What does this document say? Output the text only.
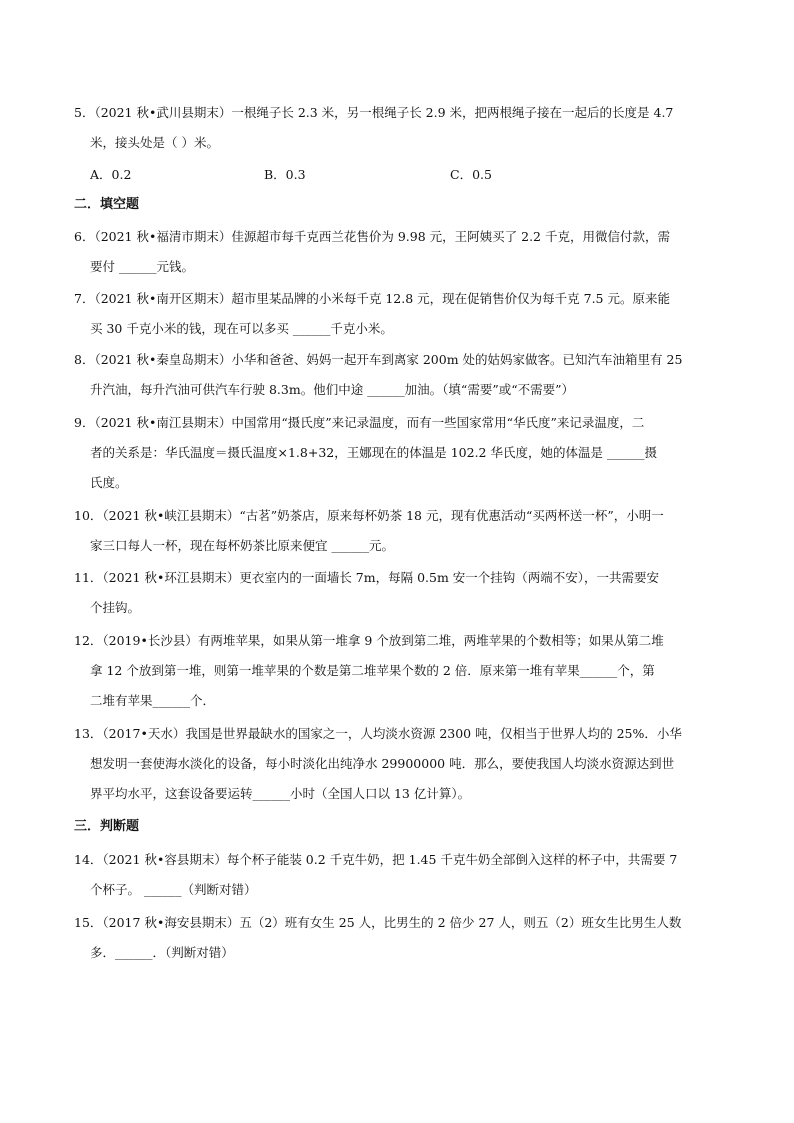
5．（2021 秋•武川县期末）一根绳子长 2.3 米，另一根绳子长 2.9 米，把两根绳子接在一起后的长度是 4.7
米，接头处是（ ）米。
A．0.2	B．0.3	C．0.5
二．填空题
6．（2021 秋•福清市期末）佳源超市每千克西兰花售价为 9.98 元，王阿姨买了 2.2 千克，用微信付款，需
要付 ______元钱。
7．（2021 秋•南开区期末）超市里某品牌的小米每千克 12.8 元，现在促销售价仅为每千克 7.5 元。原来能
买 30 千克小米的钱，现在可以多买 ______千克小米。
8．（2021 秋•秦皇岛期末）小华和爸爸、妈妈一起开车到离家 200m 处的姑妈家做客。已知汽车油箱里有 25
升汽油，每升汽油可供汽车行驶 8.3m。他们中途 ______加油。（填“需要”或“不需要”）
9．（2021 秋•南江县期末）中国常用“摄氏度”来记录温度，而有一些国家常用“华氏度”来记录温度，二
者的关系是：华氏温度＝摄氏温度×1.8+32，王娜现在的体温是 102.2 华氏度，她的体温是 ______摄
氏度。
10．（2021 秋•峡江县期末）“古茗”奶茶店，原来每杯奶茶 18 元，现有优惠活动“买两杯送一杯”，小明一
家三口每人一杯，现在每杯奶茶比原来便宜 ______元。
11．（2021 秋•环江县期末）更衣室内的一面墙长 7m，每隔 0.5m 安一个挂钩（两端不安），一共需要安
个挂钩。
12．（2019•长沙县）有两堆苹果，如果从第一堆拿 9 个放到第二堆，两堆苹果的个数相等；如果从第二堆
拿 12 个放到第一堆，则第一堆苹果的个数是第二堆苹果个数的 2 倍．原来第一堆有苹果______个，第
二堆有苹果______个．
13．（2017•天水）我国是世界最缺水的国家之一，人均淡水资源 2300 吨，仅相当于世界人均的 25%．小华
想发明一套使海水淡化的设备，每小时淡化出纯净水 29900000 吨．那么，要使我国人均淡水资源达到世
界平均水平，这套设备要运转______小时（全国人口以 13 亿计算）。
三．判断题
14．（2021 秋•容县期末）每个杯子能装 0.2 千克牛奶，把 1.45 千克牛奶全部倒入这样的杯子中，共需要 7
个杯子。 ______（判断对错）
15．（2017 秋•海安县期末）五（2）班有女生 25 人，比男生的 2 倍少 27 人，则五（2）班女生比男生人数
多．______．（判断对错）
